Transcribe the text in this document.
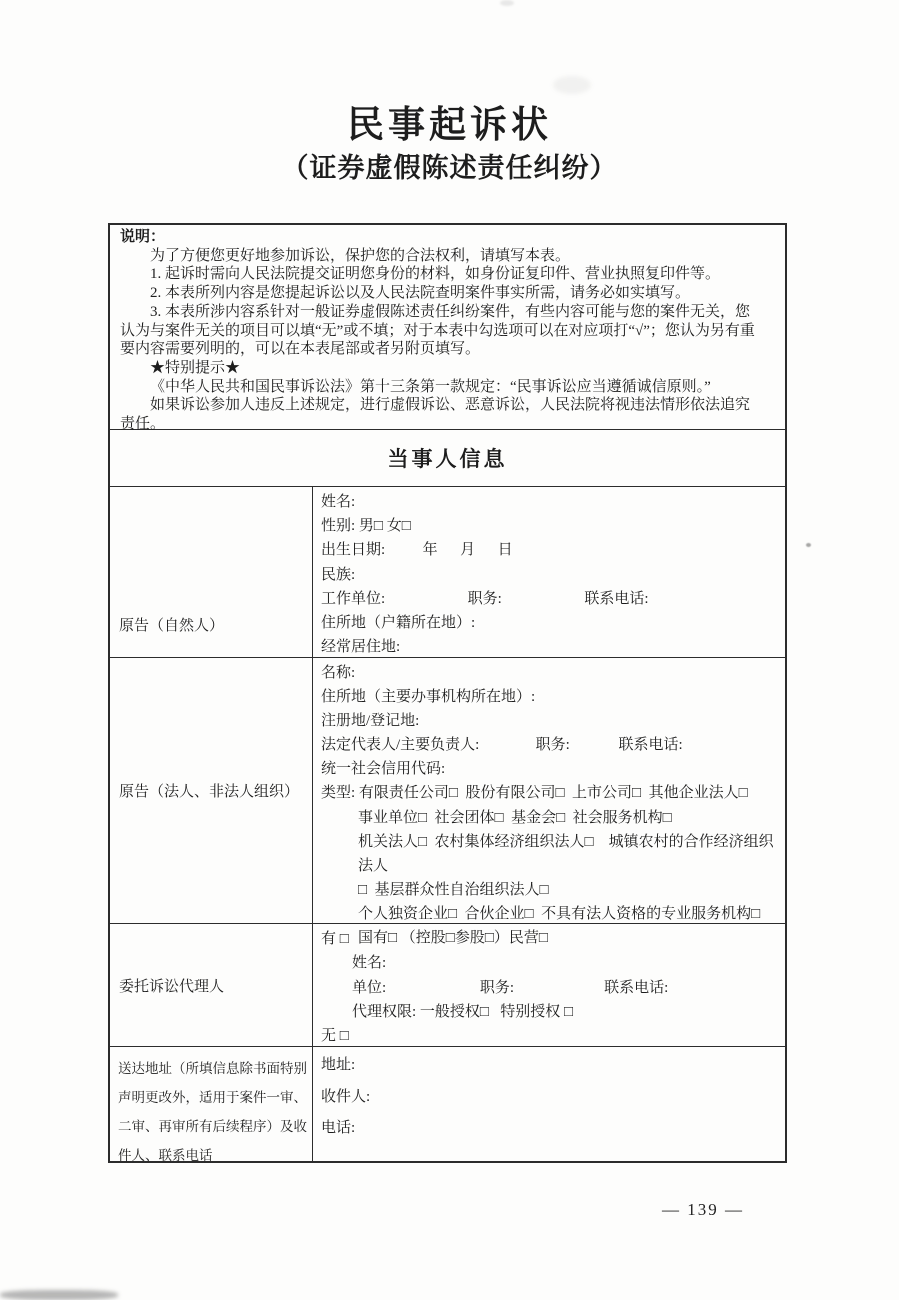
民事起诉状
（证券虚假陈述责任纠纷）
说明：
为了方便您更好地参加诉讼，保护您的合法权利，请填写本表。
1. 起诉时需向人民法院提交证明您身份的材料，如身份证复印件、营业执照复印件等。
2. 本表所列内容是您提起诉讼以及人民法院查明案件事实所需，请务必如实填写。
3. 本表所涉内容系针对一般证券虚假陈述责任纠纷案件，有些内容可能与您的案件无关，您认为与案件无关的项目可以填“无”或不填；对于本表中勾选项可以在对应项打“√”；您认为另有重要内容需要列明的，可以在本表尾部或者另附页填写。
★特别提示★
《中华人民共和国民事诉讼法》第十三条第一款规定：“民事诉讼应当遵循诚信原则。”
如果诉讼参加人违反上述规定，进行虚假诉讼、恶意诉讼，人民法院将视违法情形依法追究责任。
当事人信息
原告（自然人）
姓名:
性别: 男□ 女□
出生日期:          年      月      日
民族:
工作单位:                      职务:                      联系电话:
住所地（户籍所在地）:
经常居住地:
原告（法人、非法人组织）
名称:
住所地（主要办事机构所在地）:
注册地/登记地:
法定代表人/主要负责人:               职务:             联系电话:
统一社会信用代码:
类型: 有限责任公司□  股份有限公司□  上市公司□  其他企业法人□
事业单位□  社会团体□  基金会□  社会服务机构□
机关法人□  农村集体经济组织法人□    城镇农村的合作经济组织法人
□  基层群众性自治组织法人□
个人独资企业□  合伙企业□  不具有法人资格的专业服务机构□
国有□ （控股□参股□）民营□
委托诉讼代理人
有 □
姓名:
单位:                         职务:                        联系电话:
代理权限: 一般授权□   特别授权 □
无 □
送达地址（所填信息除书面特别声明更改外，适用于案件一审、二审、再审所有后续程序）及收件人、联系电话
地址:
收件人:
电话:
— 139 —
